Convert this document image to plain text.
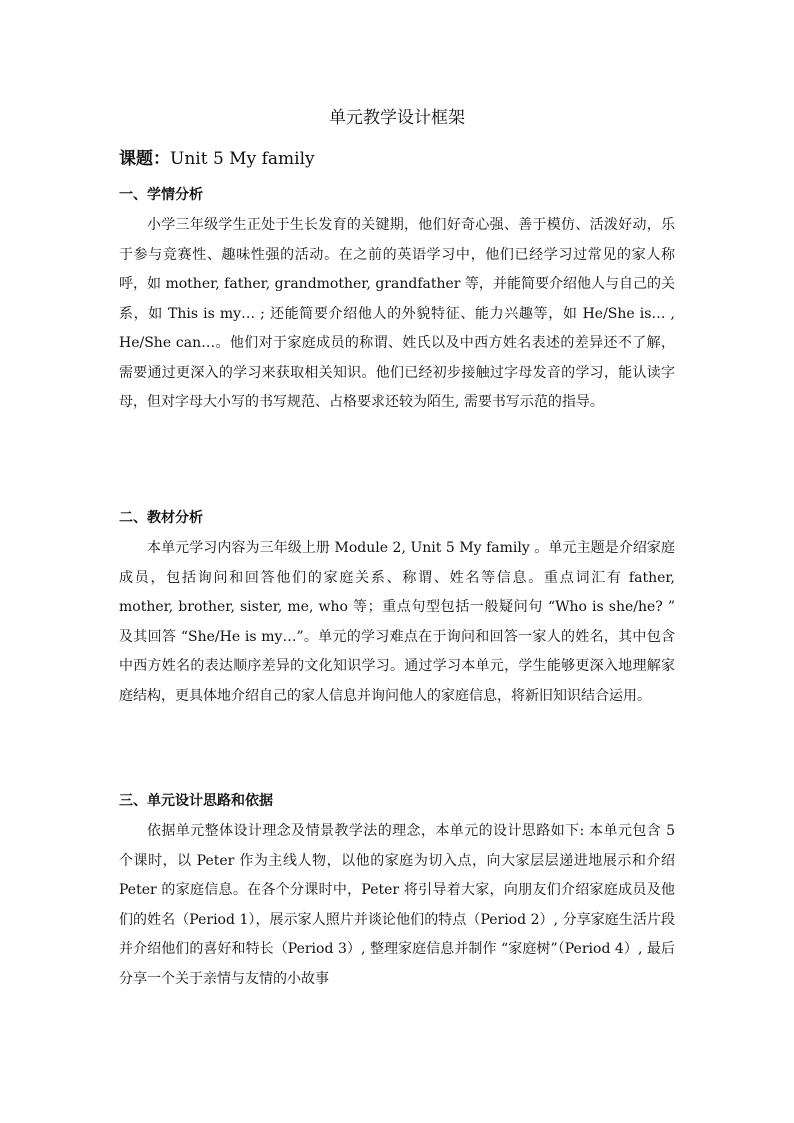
单元教学设计框架
课题：Unit 5 My family

一、学情分析

小学三年级学生正处于生长发育的关键期，他们好奇心强、善于模仿、活泼好动，乐于参与竞赛性、趣味性强的活动。在之前的英语学习中，他们已经学习过常见的家人称呼，如 mother, father, grandmother, grandfather 等，并能简要介绍他人与自己的关系，如 This is my… ; 还能简要介绍他人的外貌特征、能力兴趣等，如 He/She is… , He/She can…。他们对于家庭成员的称谓、姓氏以及中西方姓名表述的差异还不了解，需要通过更深入的学习来获取相关知识。他们已经初步接触过字母发音的学习，能认读字母，但对字母大小写的书写规范、占格要求还较为陌生, 需要书写示范的指导。

二、教材分析

本单元学习内容为三年级上册 Module 2, Unit 5 My family 。单元主题是介绍家庭成员，包括询问和回答他们的家庭关系、称谓、姓名等信息。重点词汇有 father, mother, brother, sister, me, who 等；重点句型包括一般疑问句 “Who is she/he? ” 及其回答 “She/He is my…”。单元的学习难点在于询问和回答一家人的姓名，其中包含中西方姓名的表达顺序差异的文化知识学习。通过学习本单元，学生能够更深入地理解家庭结构，更具体地介绍自己的家人信息并询问他人的家庭信息，将新旧知识结合运用。

三、单元设计思路和依据

依据单元整体设计理念及情景教学法的理念，本单元的设计思路如下: 本单元包含 5 个课时，以 Peter 作为主线人物，以他的家庭为切入点，向大家层层递进地展示和介绍 Peter 的家庭信息。在各个分课时中，Peter 将引导着大家，向朋友们介绍家庭成员及他们的姓名（Period 1），展示家人照片并谈论他们的特点（Period 2）, 分享家庭生活片段并介绍他们的喜好和特长（Period 3）, 整理家庭信息并制作 “家庭树”（Period 4）, 最后分享一个关于亲情与友情的小故事
